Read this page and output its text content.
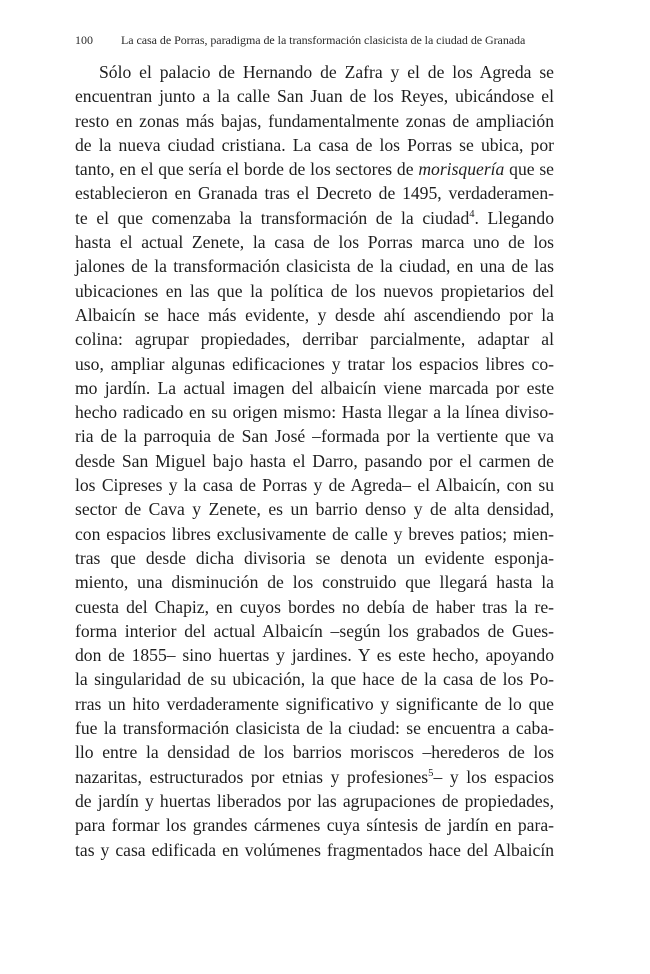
100 La casa de Porras, paradigma de la transformación clasicista de la ciudad de Granada
Sólo el palacio de Hernando de Zafra y el de los Agreda se
encuentran junto a la calle San Juan de los Reyes, ubicándose el
resto en zonas más bajas, fundamentalmente zonas de ampliación
de la nueva ciudad cristiana. La casa de los Porras se ubica, por
tanto, en el que sería el borde de los sectores de morisquería que se
establecieron en Granada tras el Decreto de 1495, verdaderamen-
te el que comenzaba la transformación de la ciudad$^4$. Llegando
hasta el actual Zenete, la casa de los Porras marca uno de los
jalones de la transformación clasicista de la ciudad, en una de las
ubicaciones en las que la política de los nuevos propietarios del
Albaicín se hace más evidente, y desde ahí ascendiendo por la
colina: agrupar propiedades, derribar parcialmente, adaptar al
uso, ampliar algunas edificaciones y tratar los espacios libres co-
mo jardín. La actual imagen del albaicín viene marcada por este
hecho radicado en su origen mismo: Hasta llegar a la línea diviso-
ria de la parroquia de San José –formada por la vertiente que va
desde San Miguel bajo hasta el Darro, pasando por el carmen de
los Cipreses y la casa de Porras y de Agreda– el Albaicín, con su
sector de Cava y Zenete, es un barrio denso y de alta densidad,
con espacios libres exclusivamente de calle y breves patios; mien-
tras que desde dicha divisoria se denota un evidente esponja-
miento, una disminución de los construido que llegará hasta la
cuesta del Chapiz, en cuyos bordes no debía de haber tras la re-
forma interior del actual Albaicín –según los grabados de Gues-
don de 1855– sino huertas y jardines. Y es este hecho, apoyando
la singularidad de su ubicación, la que hace de la casa de los Po-
rras un hito verdaderamente significativo y significante de lo que
fue la transformación clasicista de la ciudad: se encuentra a caba-
llo entre la densidad de los barrios moriscos –herederos de los
nazaritas, estructurados por etnias y profesiones$^5$– y los espacios
de jardín y huertas liberados por las agrupaciones de propiedades,
para formar los grandes cármenes cuya síntesis de jardín en para-
tas y casa edificada en volúmenes fragmentados hace del Albaicín
